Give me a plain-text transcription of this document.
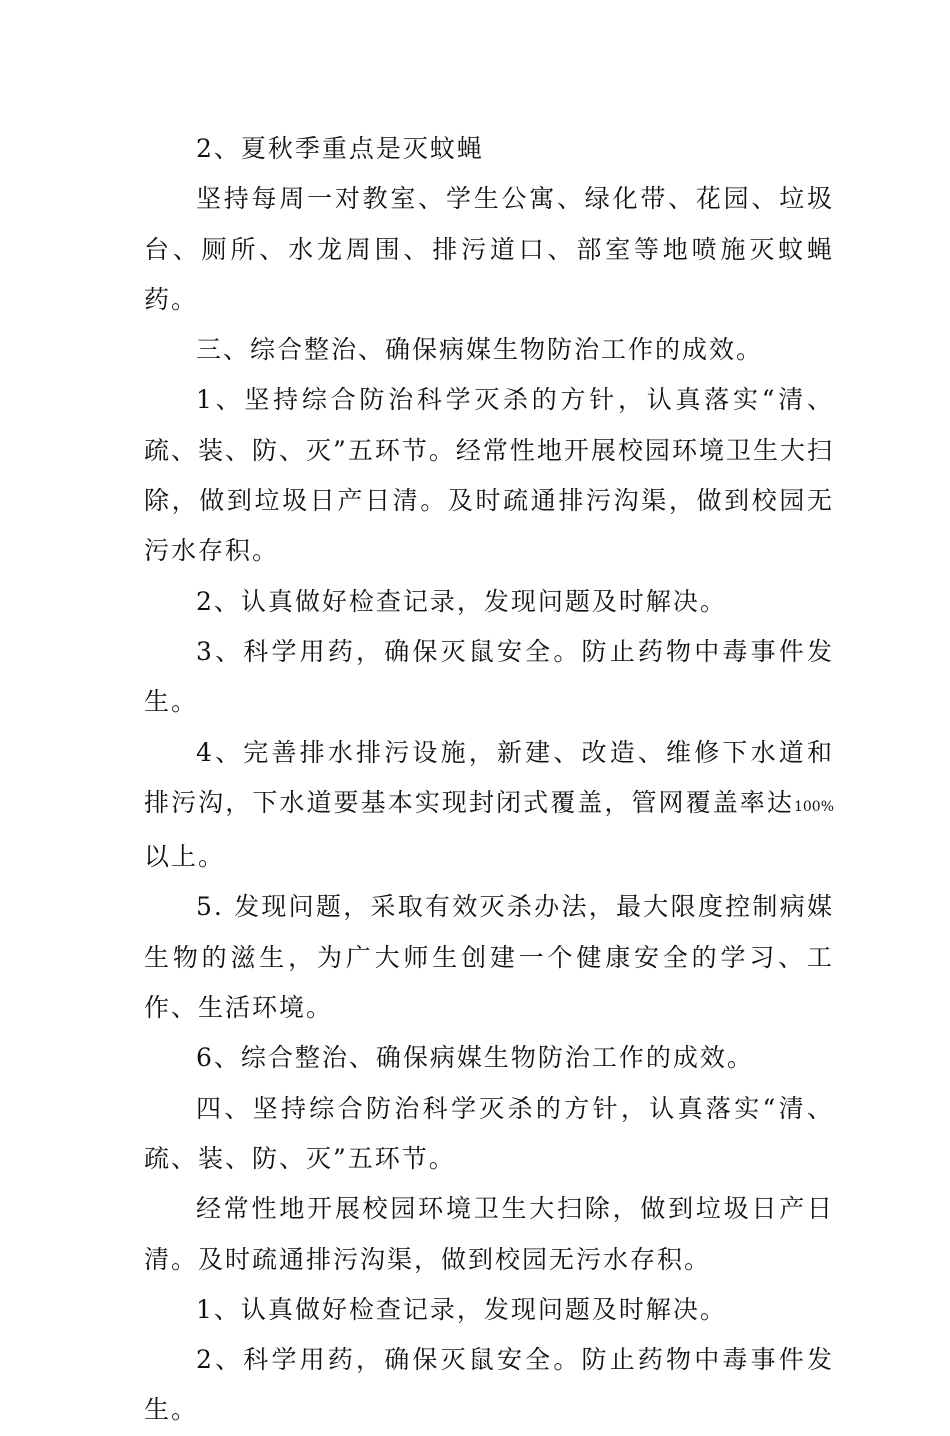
2、夏秋季重点是灭蚊蝇

坚持每周一对教室、学生公寓、绿化带、花园、垃圾台、厕所、水龙周围、排污道口、部室等地喷施灭蚊蝇药。

三、综合整治、确保病媒生物防治工作的成效。

1、坚持综合防治科学灭杀的方针，认真落实“清、疏、装、防、灭”五环节。经常性地开展校园环境卫生大扫除，做到垃圾日产日清。及时疏通排污沟渠，做到校园无污水存积。

2、认真做好检查记录，发现问题及时解决。

3、科学用药，确保灭鼠安全。防止药物中毒事件发生。

4、完善排水排污设施，新建、改造、维修下水道和排污沟，下水道要基本实现封闭式覆盖，管网覆盖率达100%以上。

5. 发现问题，采取有效灭杀办法，最大限度控制病媒生物的滋生，为广大师生创建一个健康安全的学习、工作、生活环境。

6、综合整治、确保病媒生物防治工作的成效。

四、坚持综合防治科学灭杀的方针，认真落实“清、疏、装、防、灭”五环节。

经常性地开展校园环境卫生大扫除，做到垃圾日产日清。及时疏通排污沟渠，做到校园无污水存积。

1、认真做好检查记录，发现问题及时解决。

2、科学用药，确保灭鼠安全。防止药物中毒事件发生。
